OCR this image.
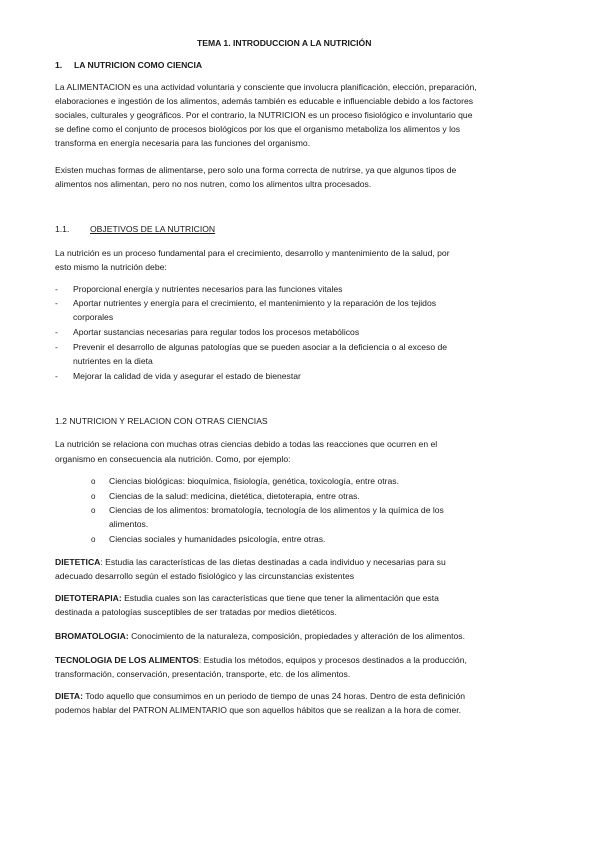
TEMA 1. INTRODUCCION A LA NUTRICIÓN
1. LA NUTRICION COMO CIENCIA
La ALIMENTACION es una actividad voluntaria y consciente que involucra planificación, elección, preparación,
elaboraciones e ingestión de los alimentos, además también es educable e influenciable debido a los factores
sociales, culturales y geográficos. Por el contrario, la NUTRICION es un proceso fisiológico e involuntario que
se define como el conjunto de procesos biológicos por los que el organismo metaboliza los alimentos y los
transforma en energía necesaria para las funciones del organismo.
Existen muchas formas de alimentarse, pero solo una forma correcta de nutrirse, ya que algunos tipos de
alimentos nos alimentan, pero no nos nutren, como los alimentos ultra procesados.
1.1. OBJETIVOS DE LA NUTRICION
La nutrición es un proceso fundamental para el crecimiento, desarrollo y mantenimiento de la salud, por
esto mismo la nutrición debe:
- Proporcional energía y nutrientes necesarios para las funciones vitales
- Aportar nutrientes y energía para el crecimiento, el mantenimiento y la reparación de los tejidos
corporales
- Aportar sustancias necesarias para regular todos los procesos metabólicos
- Prevenir el desarrollo de algunas patologías que se pueden asociar a la deficiencia o al exceso de
nutrientes en la dieta
- Mejorar la calidad de vida y asegurar el estado de bienestar
1.2 NUTRICION Y RELACION CON OTRAS CIENCIAS
La nutrición se relaciona con muchas otras ciencias debido a todas las reacciones que ocurren en el
organismo en consecuencia ala nutrición. Como, por ejemplo:
o Ciencias biológicas: bioquímica, fisiología, genética, toxicología, entre otras.
o Ciencias de la salud: medicina, dietética, dietoterapia, entre otras.
o Ciencias de los alimentos: bromatología, tecnología de los alimentos y la química de los
alimentos.
o Ciencias sociales y humanidades psicología, entre otras.
DIETETICA: Estudia las características de las dietas destinadas a cada individuo y necesarias para su
adecuado desarrollo según el estado fisiológico y las circunstancias existentes
DIETOTERAPIA: Estudia cuales son las características que tiene que tener la alimentación que esta
destinada a patologías susceptibles de ser tratadas por medios dietéticos.
BROMATOLOGIA: Conocimiento de la naturaleza, composición, propiedades y alteración de los alimentos.
TECNOLOGIA DE LOS ALIMENTOS: Estudia los métodos, equipos y procesos destinados a la producción,
transformación, conservación, presentación, transporte, etc. de los alimentos.
DIETA: Todo aquello que consumimos en un periodo de tiempo de unas 24 horas. Dentro de esta definición
podemos hablar del PATRON ALIMENTARIO que son aquellos hábitos que se realizan a la hora de comer.
